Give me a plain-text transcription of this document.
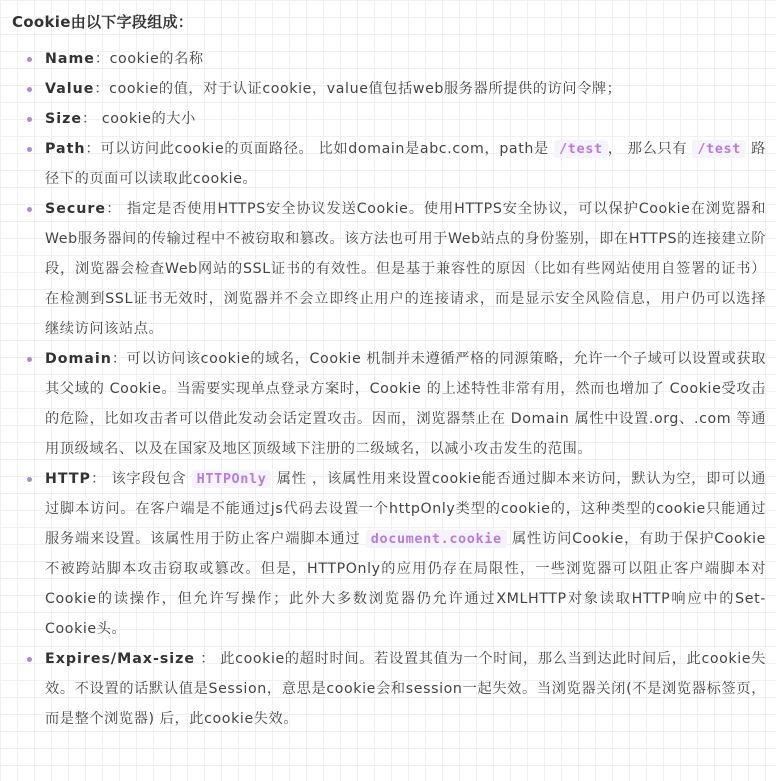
Cookie由以下字段组成：
Name：cookie的名称
Value：cookie的值，对于认证cookie，value值包括web服务器所提供的访问令牌；
Size： cookie的大小
Path：可以访问此cookie的页面路径。 比如domain是abc.com，path是 /test ， 那么只有 /test 路径下的页面可以读取此cookie。
Secure： 指定是否使用HTTPS安全协议发送Cookie。使用HTTPS安全协议，可以保护Cookie在浏览器和Web服务器间的传输过程中不被窃取和篡改。该方法也可用于Web站点的身份鉴别，即在HTTPS的连接建立阶段，浏览器会检查Web网站的SSL证书的有效性。但是基于兼容性的原因（比如有些网站使用自签署的证书）在检测到SSL证书无效时，浏览器并不会立即终止用户的连接请求，而是显示安全风险信息，用户仍可以选择继续访问该站点。
Domain：可以访问该cookie的域名，Cookie 机制并未遵循严格的同源策略，允许一个子域可以设置或获取其父域的 Cookie。当需要实现单点登录方案时，Cookie 的上述特性非常有用，然而也增加了 Cookie受攻击的危险，比如攻击者可以借此发动会话定置攻击。因而，浏览器禁止在 Domain 属性中设置.org、.com 等通用顶级域名、以及在国家及地区顶级域下注册的二级域名，以减小攻击发生的范围。
HTTP： 该字段包含 HTTPOnly 属性 ，该属性用来设置cookie能否通过脚本来访问，默认为空，即可以通过脚本访问。在客户端是不能通过js代码去设置一个httpOnly类型的cookie的，这种类型的cookie只能通过服务端来设置。该属性用于防止客户端脚本通过 document.cookie 属性访问Cookie，有助于保护Cookie不被跨站脚本攻击窃取或篡改。但是，HTTPOnly的应用仍存在局限性，一些浏览器可以阻止客户端脚本对Cookie的读操作，但允许写操作；此外大多数浏览器仍允许通过XMLHTTP对象读取HTTP响应中的Set-Cookie头。
Expires/Max-size ： 此cookie的超时时间。若设置其值为一个时间，那么当到达此时间后，此cookie失效。不设置的话默认值是Session，意思是cookie会和session一起失效。当浏览器关闭(不是浏览器标签页，而是整个浏览器) 后，此cookie失效。
